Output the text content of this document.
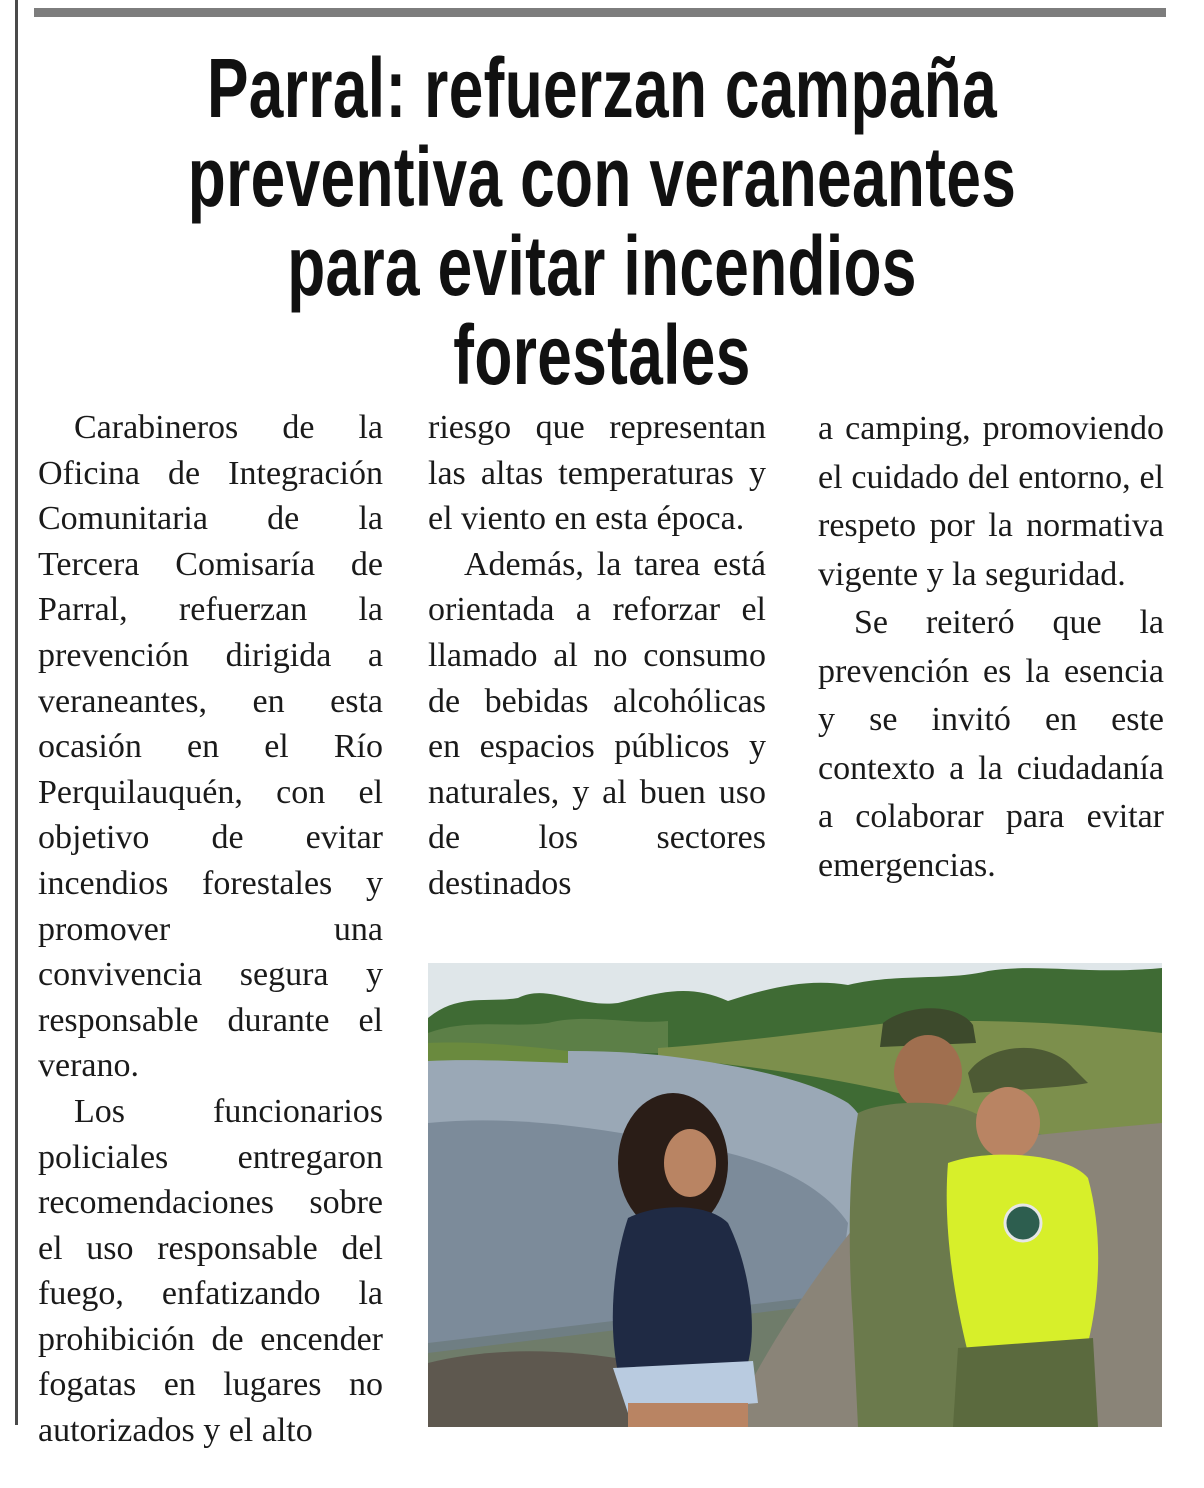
Parral: refuerzan campaña preventiva con veraneantes para evitar incendios forestales

Carabineros de la Oficina de Integración Comunitaria de la Tercera Comisaría de Parral, refuerzan la prevención dirigida a veraneantes, en esta ocasión en el Río Perquilauquén, con el objetivo de evitar incendios forestales y promover una convivencia segura y responsable durante el verano.

Los funcionarios policiales entregaron recomendaciones sobre el uso responsable del fuego, enfatizando la prohibición de encender fogatas en lugares no autorizados y el alto

riesgo que representan las altas temperaturas y el viento en esta época.

Además, la tarea está orientada a reforzar el llamado al no consumo de bebidas alcohólicas en espacios públicos y naturales, y al buen uso de los sectores destinados

a camping, promoviendo el cuidado del entorno, el respeto por la normativa vigente y la seguridad.

Se reiteró que la prevención es la esencia y se invitó en este contexto a la ciudadanía a colaborar para evitar emergencias.
